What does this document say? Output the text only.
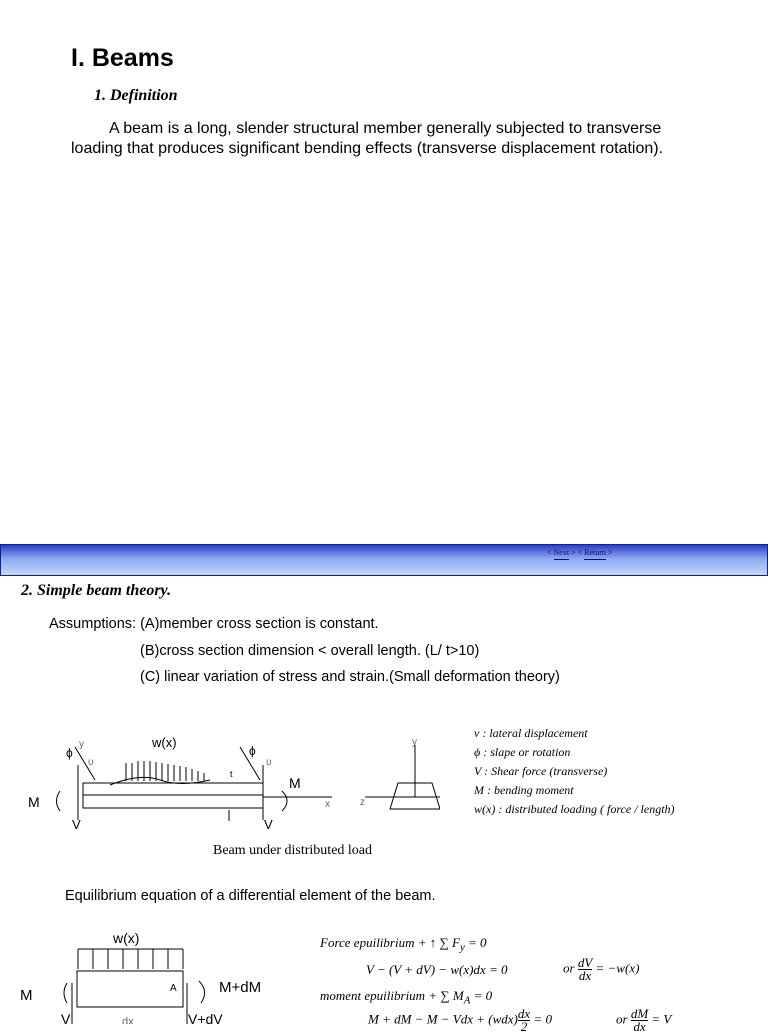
I. Beams
1. Definition
A beam is a long, slender structural member generally subjected to transverse loading that produces significant bending effects (transverse displacement rotation).
< Next > < Return >
2. Simple beam theory.
Assumptions: (A)member cross section is constant.
(B)cross section dimension < overall length. (L/ t>10)
(C) linear variation of stress and strain.(Small deformation theory)
x
w(x)
y
ϕ
υ
M
V
ϕ
υ
M
V
t
y
z
v : lateral displacement
ϕ : slape or rotation
V : Shear force (transverse)
M : bending moment
w(x) : distributed loading ( force / length)
Beam under distributed load
Equilibrium equation of a differential element of the beam.
w(x)
A
M	M+dM
V	V+dV
dx
Force epuilibrium + ↑ ∑ $F_y = 0$
V − (V + dV) − w(x)dx = 0	or $\frac{dV}{dx} = -w(x)$
moment epuilibrium + ∑ $M_A = 0$
M + dM − M − Vdx + $(wdx) \frac{dx}{2} = 0$	or $\frac{dM}{dx} = V$
